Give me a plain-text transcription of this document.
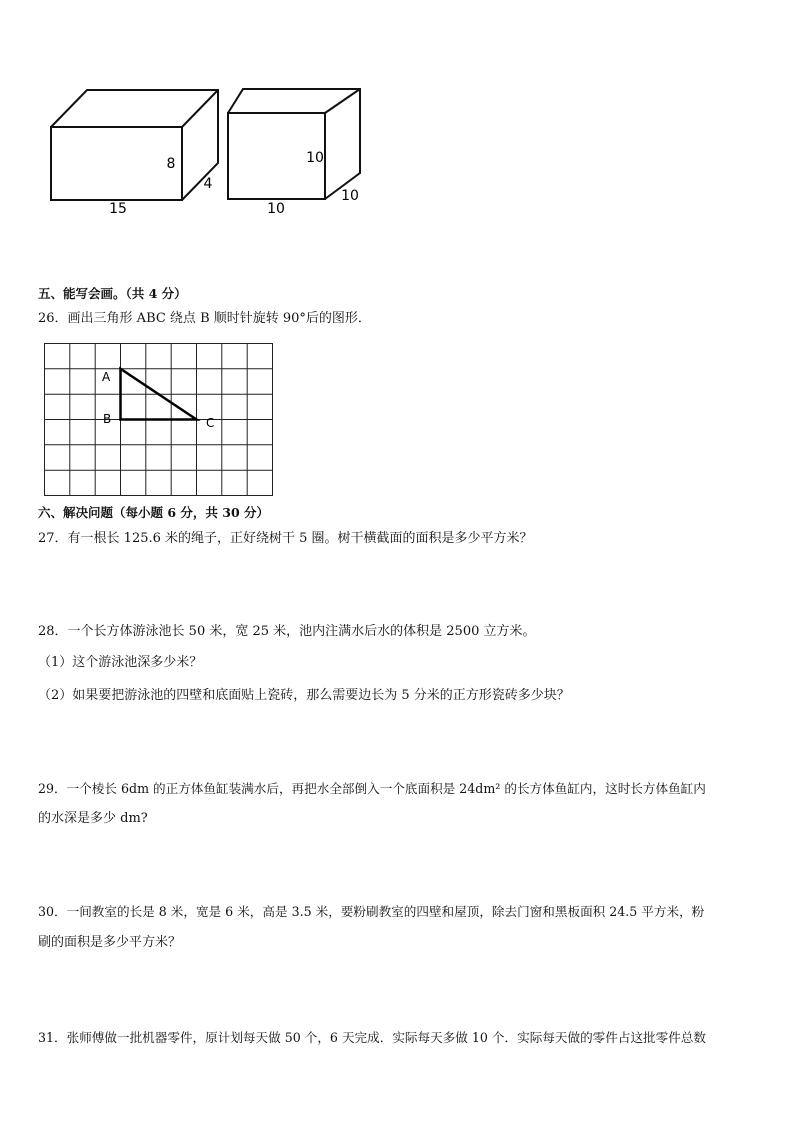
8
4
15
10
10
10
五、能写会画。（共 4 分）
26．画出三角形 ABC 绕点 B 顺时针旋转 90°后的图形．
A
B	C
六、解决问题（每小题 6 分，共 30 分）
27．有一根长 125.6 米的绳子，正好绕树干 5 圈。树干横截面的面积是多少平方米？
28．一个长方体游泳池长 50 米，宽 25 米，池内注满水后水的体积是 2500 立方米。
（1）这个游泳池深多少米？
（2）如果要把游泳池的四壁和底面贴上瓷砖，那么需要边长为 5 分米的正方形瓷砖多少块？
29．一个棱长 6dm 的正方体鱼缸装满水后，再把水全部倒入一个底面积是 24dm² 的长方体鱼缸内，这时长方体鱼缸内
的水深是多少 dm?
30．一间教室的长是 8 米，宽是 6 米，高是 3.5 米，要粉刷教室的四壁和屋顶，除去门窗和黑板面积 24.5 平方米，粉
刷的面积是多少平方米？
31．张师傅做一批机器零件，原计划每天做 50 个，6 天完成．实际每天多做 10 个．实际每天做的零件占这批零件总数
